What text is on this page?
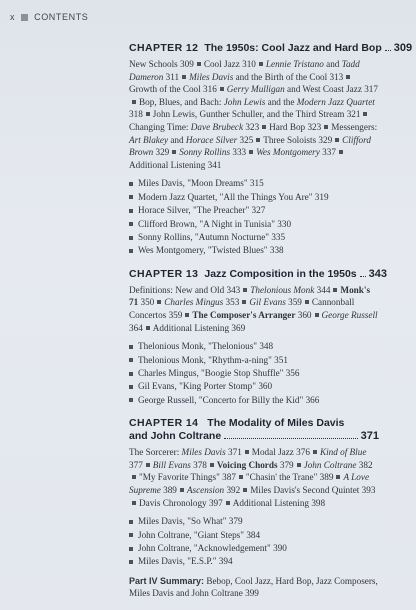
x CONTENTS
CHAPTER 12 The 1950s: Cool Jazz and Hard Bop 309

New Schools 309 Cool Jazz 310 Lennie Tristano and Tadd Dameron 311 Miles Davis and the Birth of the Cool 313Growth of the Cool 316 Gerry Mulligan and West Coast Jazz 317Bop, Blues, and Bach: John Lewis and the Modern Jazz Quartet 318 John Lewis, Gunther Schuller, and the Third Stream 321Changing Time: Dave Brubeck 323 Hard Bop 323 Messengers: Art Blakey and Horace Silver 325 Three Soloists 329 Clifford Brown 329 Sonny Rollins 333 Wes Montgomery 337Additional Listening 341

Miles Davis, "Moon Dreams"
315
Modern Jazz Quartet, "All the Things You Are"
319
Horace Silver, "The Preacher"
327
Clifford Brown, "A Night in Tunisia"
330
Sonny Rollins, "Autumn Nocturne"
335
Wes Montgomery, "Twisted Blues"
338
CHAPTER 13 Jazz Composition in the 1950s 343

Definitions: New and Old 343 Thelonious Monk 344 Monk's 71 350 Charles Mingus 353 Gil Evans 359 Cannonball Concertos 359 The Composer's Arranger 360 George Russell 364 Additional Listening 369

Thelonious Monk, "Thelonious"
348
Thelonious Monk, "Rhythm-a-ning"
351
Charles Mingus, "Boogie Stop Shuffle"
356
Gil Evans, "King Porter Stomp"
360
George Russell, "Concerto for Billy the Kid"
366
CHAPTER 14 The Modality of Miles Davis
and John Coltrane	371

The Sorcerer: Miles Davis 371 Modal Jazz 376 Kind of Blue 377 Bill Evans 378 Voicing Chords 379 John Coltrane 382"My Favorite Things" 387 "Chasin' the Trane" 389 A Love Supreme 389 Ascension 392 Miles Davis's Second Quintet 393Davis Chronology 397 Additional Listening 398

Miles Davis, "So What"
379
John Coltrane, "Giant Steps"
384
John Coltrane, "Acknowledgement"
390
Miles Davis, "E.S.P."
394
Part IV Summary: Bebop, Cool Jazz, Hard Bop, Jazz Composers, Miles Davis and John Coltrane 399
